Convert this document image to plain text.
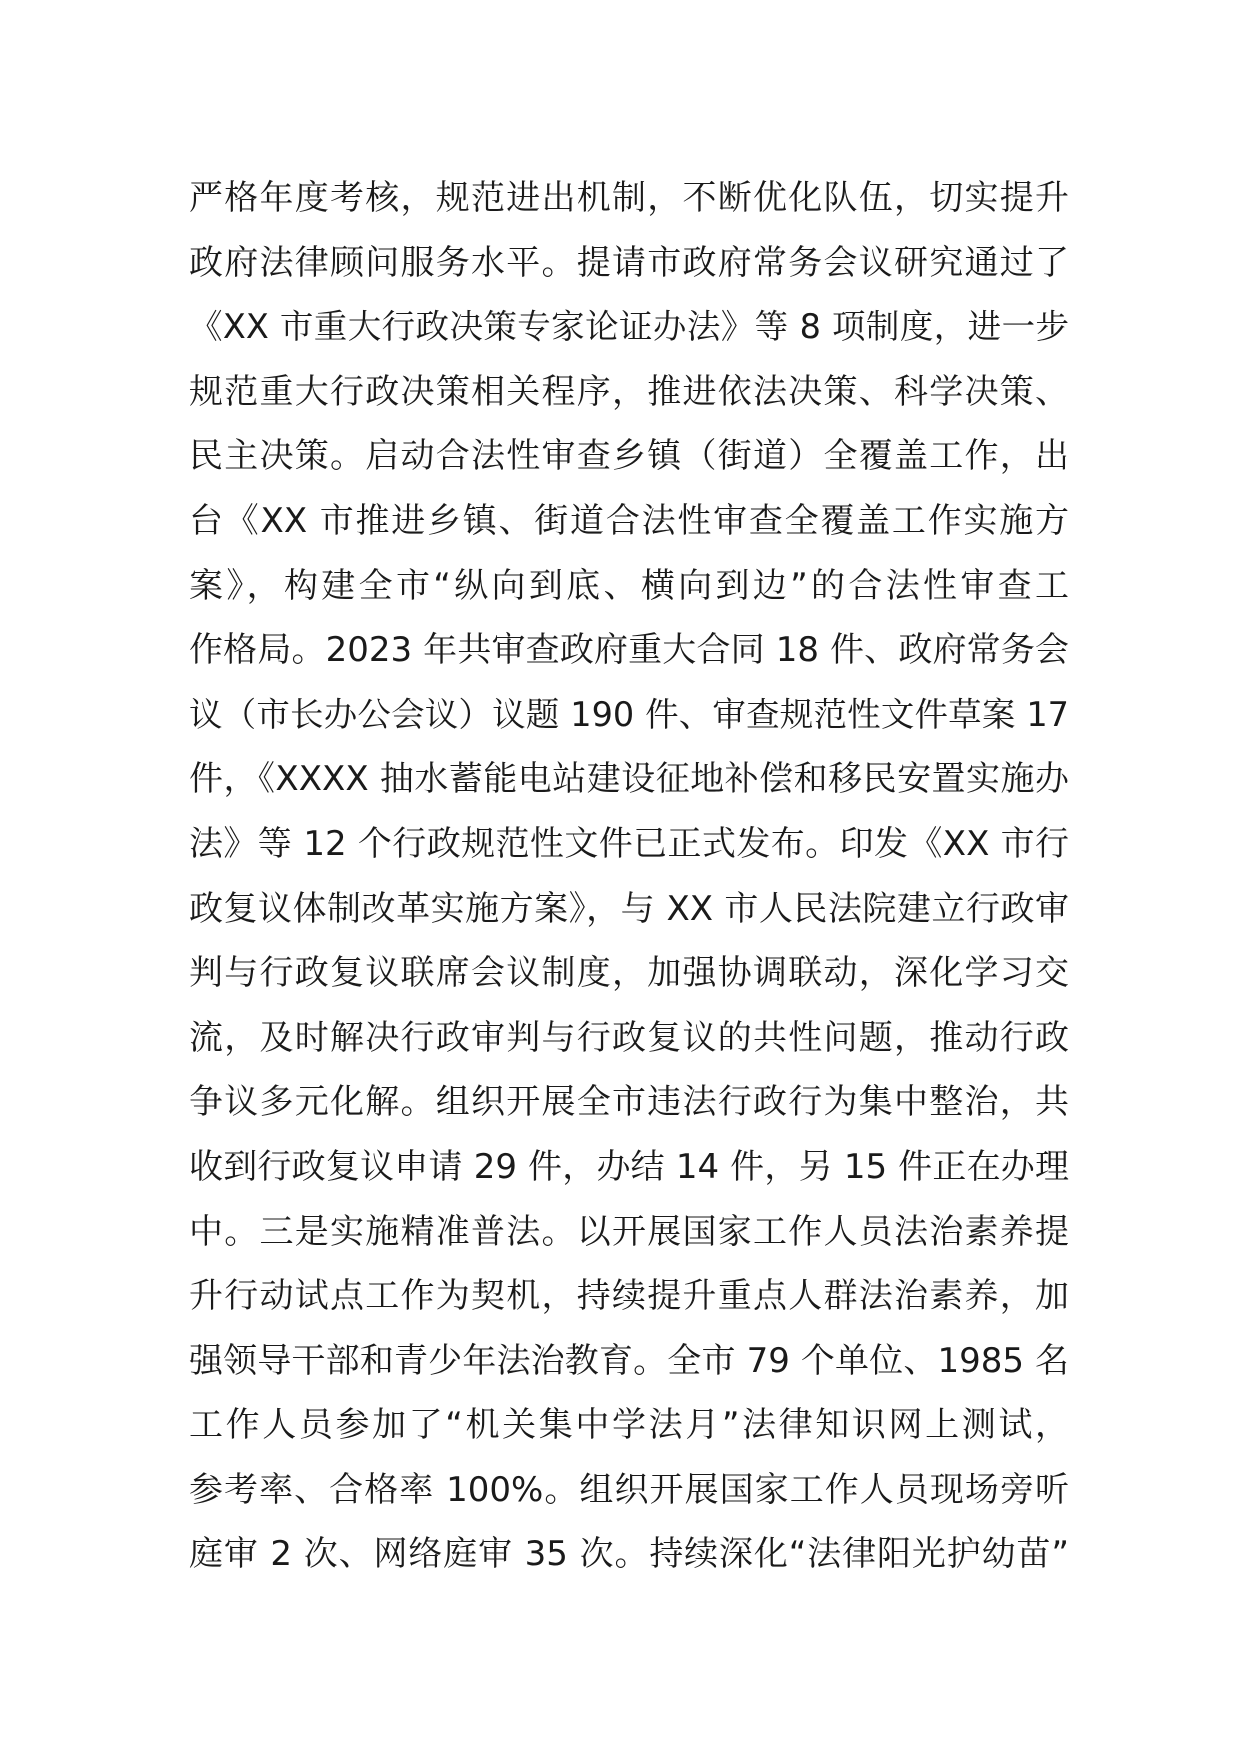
严格年度考核，规范进出机制，不断优化队伍，切实提升
政府法律顾问服务水平。提请市政府常务会议研究通过了
《XX 市重大行政决策专家论证办法》等 8 项制度，进一步
规范重大行政决策相关程序，推进依法决策、科学决策、
民主决策。启动合法性审查乡镇（街道）全覆盖工作，出
台《XX 市推进乡镇、街道合法性审查全覆盖工作实施方
案》，构建全市“纵向到底、横向到边”的合法性审查工
作格局。2023 年共审查政府重大合同 18 件、政府常务会
议（市长办公会议）议题 190 件、审查规范性文件草案 17
件，《XXXX 抽水蓄能电站建设征地补偿和移民安置实施办
法》等 12 个行政规范性文件已正式发布。印发《XX 市行
政复议体制改革实施方案》，与 XX 市人民法院建立行政审
判与行政复议联席会议制度，加强协调联动，深化学习交
流，及时解决行政审判与行政复议的共性问题，推动行政
争议多元化解。组织开展全市违法行政行为集中整治，共
收到行政复议申请 29 件，办结 14 件，另 15 件正在办理
中。三是实施精准普法。以开展国家工作人员法治素养提
升行动试点工作为契机，持续提升重点人群法治素养，加
强领导干部和青少年法治教育。全市 79 个单位、1985 名
工作人员参加了“机关集中学法月”法律知识网上测试，
参考率、合格率 100%。组织开展国家工作人员现场旁听
庭审 2 次、网络庭审 35 次。持续深化“法律阳光护幼苗”
